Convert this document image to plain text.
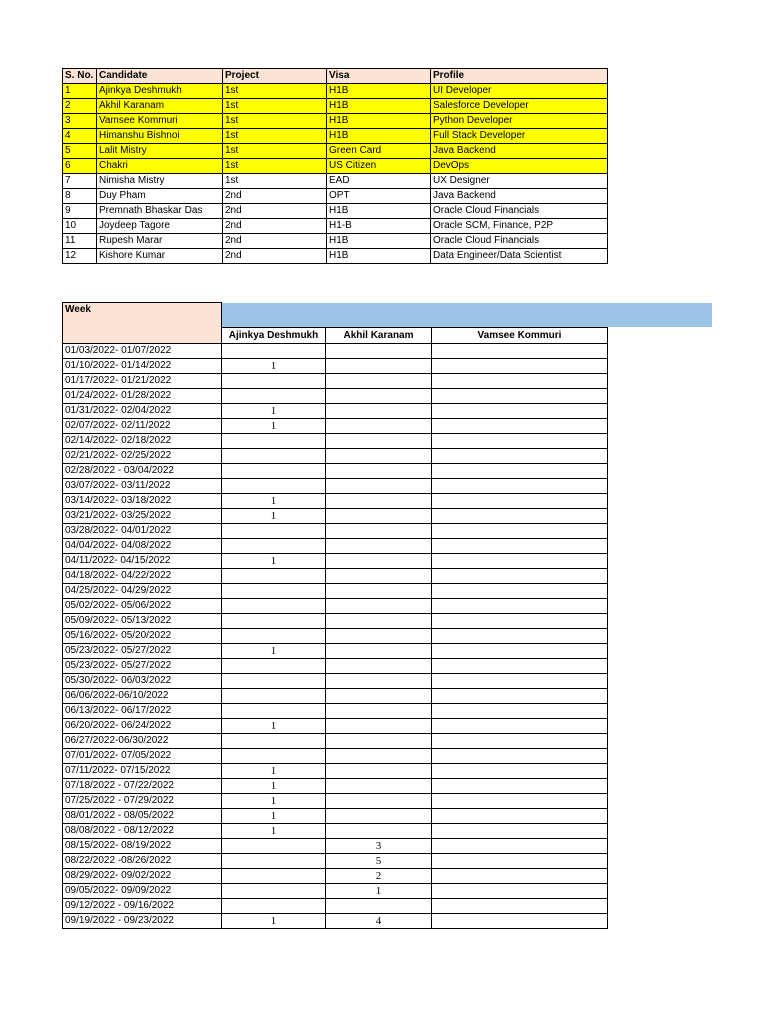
S. No.	Candidate	Project	Visa	Profile
1	Ajinkya Deshmukh	1st	H1B	UI Developer
2	Akhil Karanam	1st	H1B	Salesforce Developer
3	Vamsee Kommuri	1st	H1B	Python Developer
4	Himanshu Bishnoi	1st	H1B	Full Stack Developer
5	Lalit Mistry	1st	Green Card	Java Backend
6	Chakri	1st	US Citizen	DevOps
7	Nimisha Mistry	1st	EAD	UX Designer
8	Duy Pham	2nd	OPT	Java Backend
9	Premnath Bhaskar Das	2nd	H1B	Oracle Cloud Financials
10	Joydeep Tagore	2nd	H1-B	Oracle SCM, Finance, P2P
11	Rupesh Marar	2nd	H1B	Oracle Cloud Financials
12	Kishore Kumar	2nd	H1B	Data Engineer/Data Scientist
Week			
	Ajinkya Deshmukh	Akhil Karanam	Vamsee Kommuri
01/03/2022- 01/07/2022			
01/10/2022- 01/14/2022	1		
01/17/2022- 01/21/2022			
01/24/2022- 01/28/2022			
01/31/2022- 02/04/2022	1		
02/07/2022- 02/11/2022	1		
02/14/2022- 02/18/2022			
02/21/2022- 02/25/2022			
02/28/2022 - 03/04/2022			
03/07/2022- 03/11/2022			
03/14/2022- 03/18/2022	1		
03/21/2022- 03/25/2022	1		
03/28/2022- 04/01/2022			
04/04/2022- 04/08/2022			
04/11/2022- 04/15/2022	1		
04/18/2022- 04/22/2022			
04/25/2022- 04/29/2022			
05/02/2022- 05/06/2022			
05/09/2022- 05/13/2022			
05/16/2022- 05/20/2022			
05/23/2022- 05/27/2022	1		
05/23/2022- 05/27/2022			
05/30/2022- 06/03/2022			
06/06/2022-06/10/2022			
06/13/2022- 06/17/2022			
06/20/2022- 06/24/2022	1		
06/27/2022-06/30/2022			
07/01/2022- 07/05/2022			
07/11/2022- 07/15/2022	1		
07/18/2022 - 07/22/2022	1		
07/25/2022 - 07/29/2022	1		
08/01/2022 - 08/05/2022	1		
08/08/2022 - 08/12/2022	1		
08/15/2022- 08/19/2022		3	
08/22/2022 -08/26/2022		5	
08/29/2022- 09/02/2022		2	
09/05/2022- 09/09/2022		1	
09/12/2022 - 09/16/2022			
09/19/2022 - 09/23/2022	1	4	
